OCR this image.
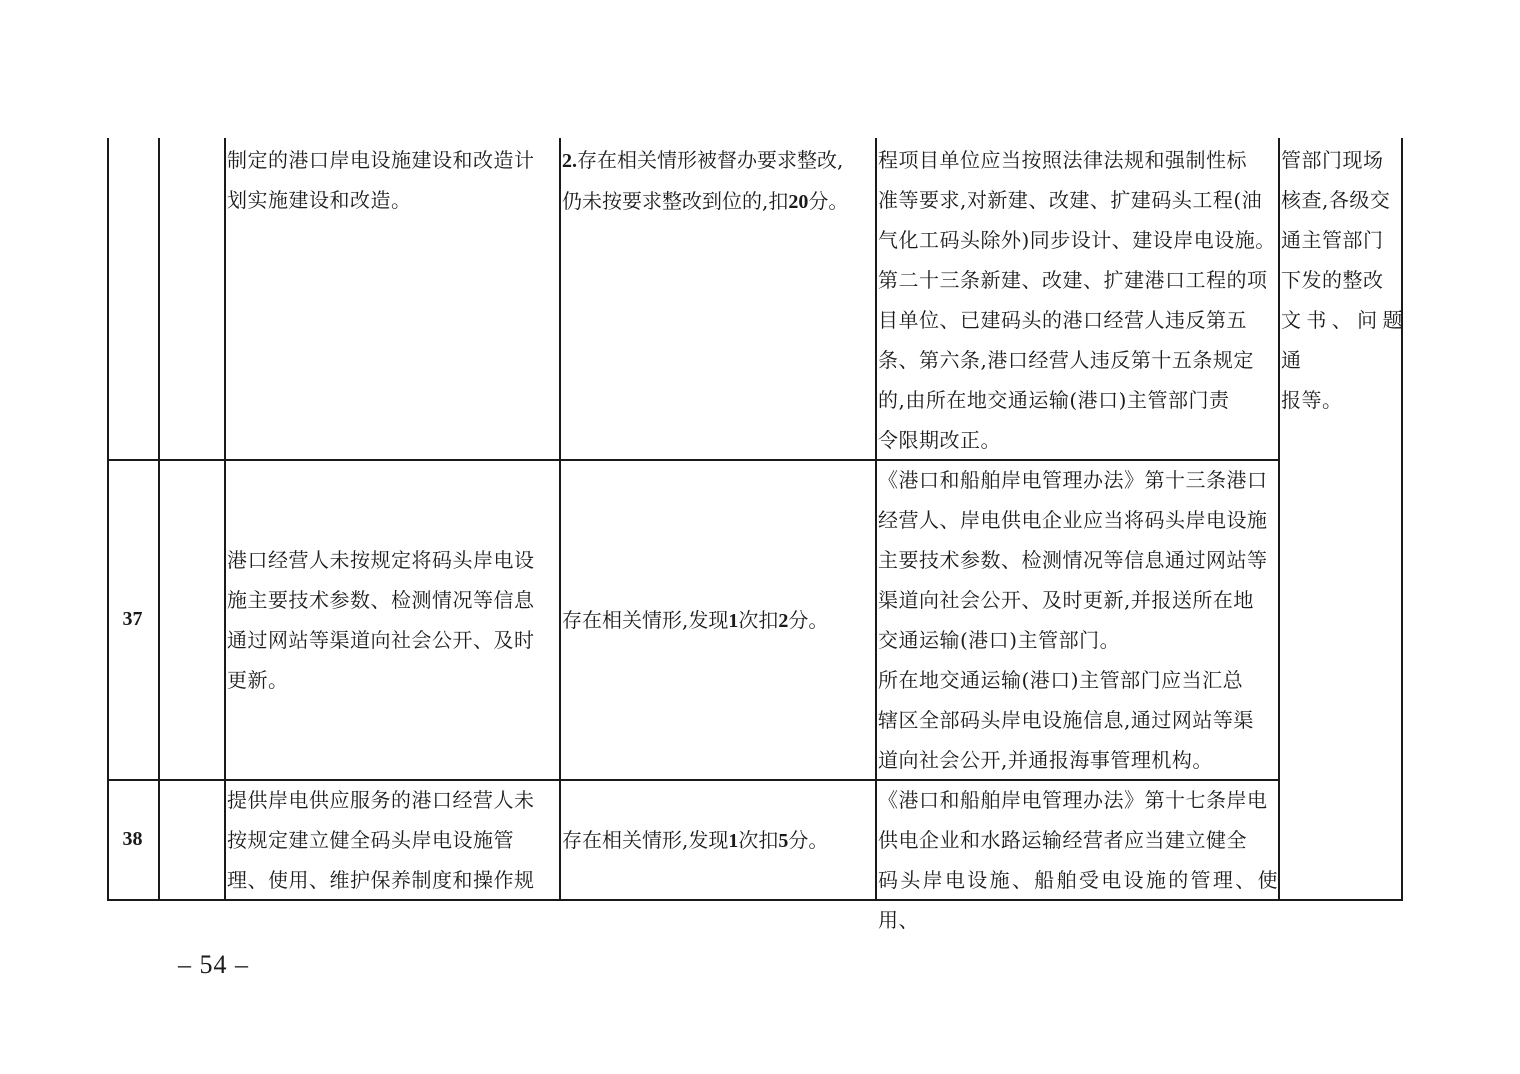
制定的港口岸电设施建设和改造计
划实施建设和改造。
2.存在相关情形被督办要求整改,
仍未按要求整改到位的,扣20分。
程项目单位应当按照法律法规和强制性标
准等要求,对新建、改建、扩建码头工程(油
气化工码头除外)同步设计、建设岸电设施。
第二十三条新建、改建、扩建港口工程的项
目单位、已建码头的港口经营人违反第五
条、第六条,港口经营人违反第十五条规定
的,由所在地交通运输(港口)主管部门责
令限期改正。
管部门现场
核查,各级交
通主管部门
下发的整改
文书、问题通
报等。
37
港口经营人未按规定将码头岸电设
施主要技术参数、检测情况等信息
通过网站等渠道向社会公开、及时
更新。
存在相关情形,发现1次扣2分。
《港口和船舶岸电管理办法》第十三条港口
经营人、岸电供电企业应当将码头岸电设施
主要技术参数、检测情况等信息通过网站等
渠道向社会公开、及时更新,并报送所在地
交通运输(港口)主管部门。
所在地交通运输(港口)主管部门应当汇总
辖区全部码头岸电设施信息,通过网站等渠
道向社会公开,并通报海事管理机构。
38
提供岸电供应服务的港口经营人未
按规定建立健全码头岸电设施管
理、使用、维护保养制度和操作规
存在相关情形,发现1次扣5分。
《港口和船舶岸电管理办法》第十七条岸电
供电企业和水路运输经营者应当建立健全
码头岸电设施、船舶受电设施的管理、使用、
– 54 –
